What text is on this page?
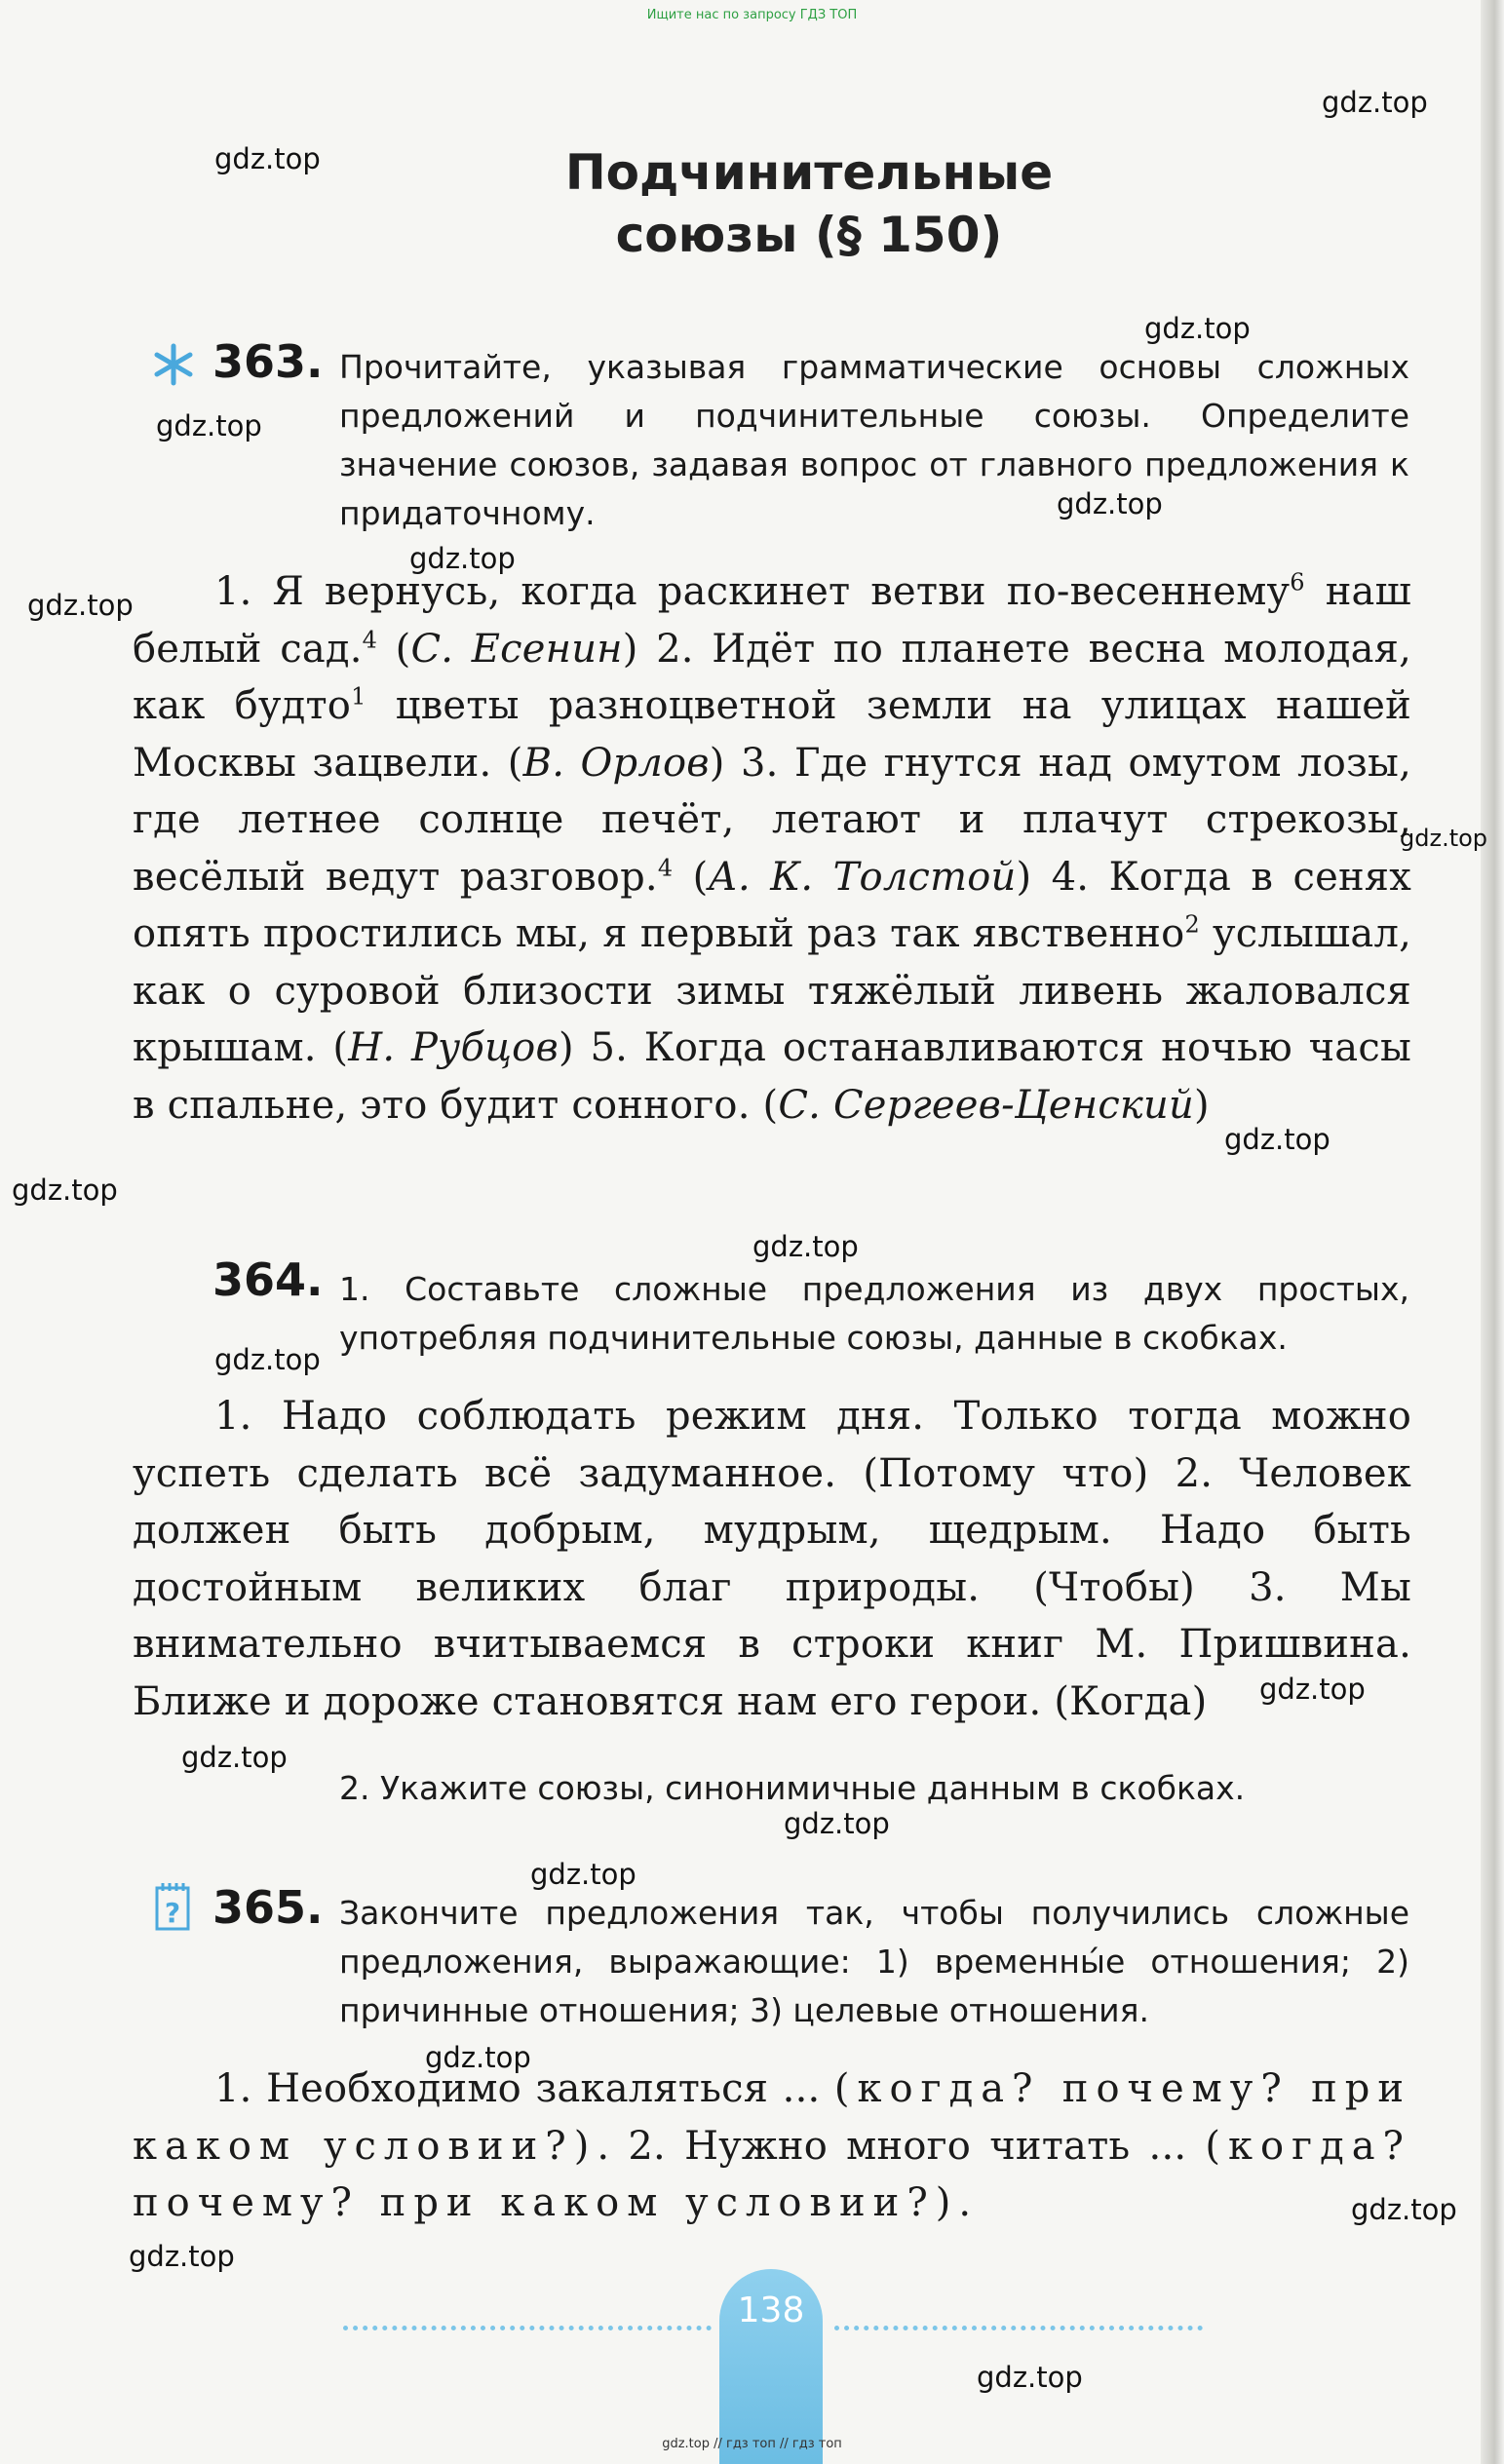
Ищите нас по запросу ГДЗ ТОП
Подчинительные
союзы (§ 150)
363. Прочитайте, указывая грамматические основы сложных предложений и подчинительные союзы. Определите значение союзов, задавая вопрос от главного предложения к придаточному.
1. Я вернусь, когда раскинет ветви по-весеннему$^6$ наш белый сад.$^4$ (С. Есенин) 2. Идёт по планете весна молодая, как будто$^1$ цветы разноцветной земли на улицах нашей Москвы зацвели. (В. Орлов) 3. Где гнутся над омутом лозы, где летнее солнце печёт, летают и плачут стрекозы, весёлый ведут разговор.$^4$ (А. К. Толстой) 4. Когда в сенях опять простились мы, я первый раз так явственно$^2$ услышал, как о суровой близости зимы тяжёлый ливень жаловался крышам. (Н. Рубцов) 5. Когда останавливаются ночью часы в спальне, это будит сонного. (С. Сергеев-Ценский)
364. 1. Составьте сложные предложения из двух простых, употребляя подчинительные союзы, данные в скобках.
1. Надо соблюдать режим дня. Только тогда можно успеть сделать всё задуманное. (Потому что) 2. Человек должен быть добрым, мудрым, щедрым. Надо быть достойным великих благ природы. (Чтобы) 3. Мы внимательно вчитываемся в строки книг М. Пришвина. Ближе и дороже становятся нам его герои. (Когда)
2. Укажите союзы, синонимичные данным в скобках.
? 365. Закончите предложения так, чтобы получились сложные предложения, выражающие: 1) временны́е отношения; 2) причинные отношения; 3) целевые отношения.
1. Необходимо закаляться ... (когда? почему? при каком условии?). 2. Нужно много читать ... (когда? почему? при каком условии?).
138
gdz.top
gdz.top
gdz.top
gdz.top
gdz.top
gdz.top
gdz.top
gdz.top
gdz.top
gdz.top
gdz.top
gdz.top
gdz.top
gdz.top
gdz.top
gdz.top
gdz.top
gdz.top
gdz.top
gdz.top
gdz.top // гдз топ // гдз топ
